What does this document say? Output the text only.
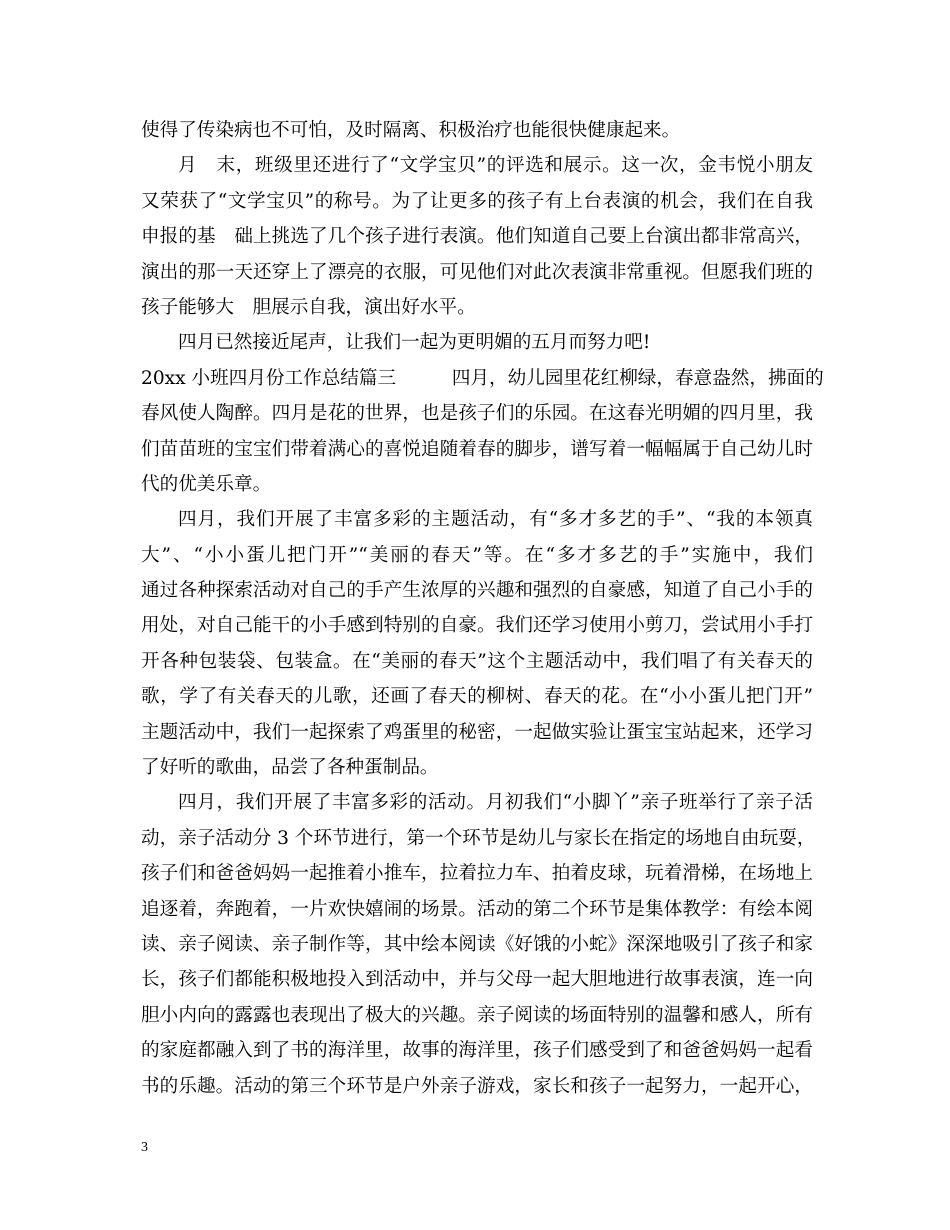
使得了传染病也不可怕，及时隔离、积极治疗也能很快健康起来。
月　末，班级里还进行了“文学宝贝”的评选和展示。这一次，金韦悦小朋友
又荣获了“文学宝贝”的称号。为了让更多的孩子有上台表演的机会，我们在自我
申报的基　础上挑选了几个孩子进行表演。他们知道自己要上台演出都非常高兴，
演出的那一天还穿上了漂亮的衣服，可见他们对此次表演非常重视。但愿我们班的
孩子能够大　胆展示自我，演出好水平。
四月已然接近尾声，让我们一起为更明媚的五月而努力吧!
20xx 小班四月份工作总结篇三　　　四月，幼儿园里花红柳绿，春意盎然，拂面的
春风使人陶醉。四月是花的世界，也是孩子们的乐园。在这春光明媚的四月里，我
们苗苗班的宝宝们带着满心的喜悦追随着春的脚步，谱写着一幅幅属于自己幼儿时
代的优美乐章。
四月，我们开展了丰富多彩的主题活动，有“多才多艺的手”、“我的本领真
大”、“小小蛋儿把门开”“美丽的春天”等。在“多才多艺的手”实施中，我们
通过各种探索活动对自己的手产生浓厚的兴趣和强烈的自豪感，知道了自己小手的
用处，对自己能干的小手感到特别的自豪。我们还学习使用小剪刀，尝试用小手打
开各种包装袋、包装盒。在“美丽的春天”这个主题活动中，我们唱了有关春天的
歌，学了有关春天的儿歌，还画了春天的柳树、春天的花。在“小小蛋儿把门开”
主题活动中，我们一起探索了鸡蛋里的秘密，一起做实验让蛋宝宝站起来，还学习
了好听的歌曲，品尝了各种蛋制品。
四月，我们开展了丰富多彩的活动。月初我们“小脚丫”亲子班举行了亲子活
动，亲子活动分 3 个环节进行，第一个环节是幼儿与家长在指定的场地自由玩耍，
孩子们和爸爸妈妈一起推着小推车，拉着拉力车、拍着皮球，玩着滑梯，在场地上
追逐着，奔跑着，一片欢快嬉闹的场景。活动的第二个环节是集体教学：有绘本阅
读、亲子阅读、亲子制作等，其中绘本阅读《好饿的小蛇》深深地吸引了孩子和家
长，孩子们都能积极地投入到活动中，并与父母一起大胆地进行故事表演，连一向
胆小内向的露露也表现出了极大的兴趣。亲子阅读的场面特别的温馨和感人，所有
的家庭都融入到了书的海洋里，故事的海洋里，孩子们感受到了和爸爸妈妈一起看
书的乐趣。活动的第三个环节是户外亲子游戏，家长和孩子一起努力，一起开心，
3
